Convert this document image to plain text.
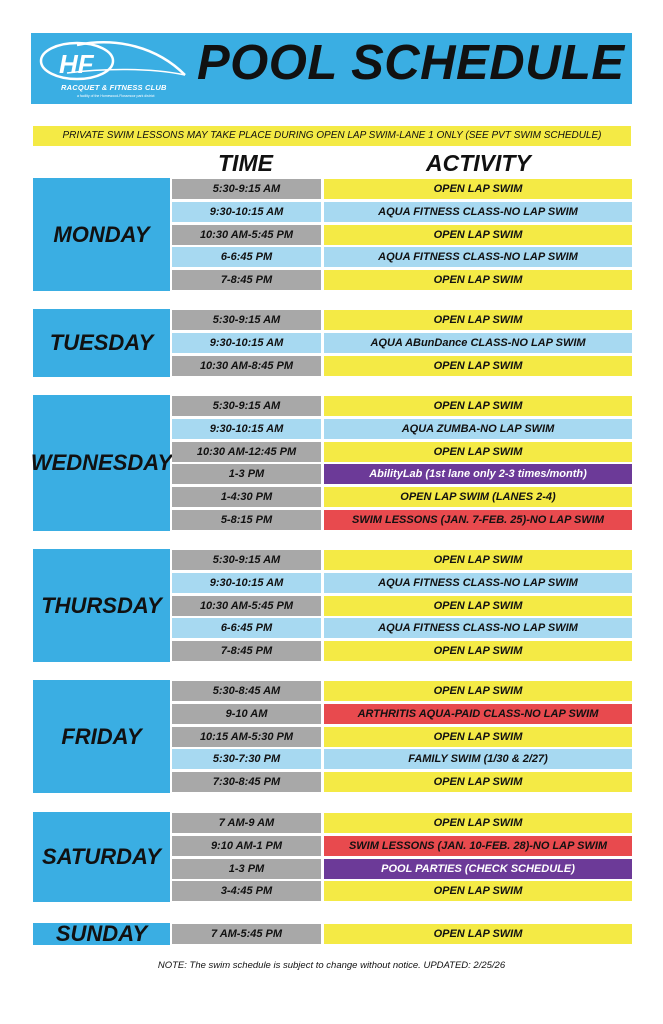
HF
RACQUET & FITNESS CLUB
a facility of the Homewood-Flossmoor park district
POOL SCHEDULE
PRIVATE SWIM LESSONS MAY TAKE PLACE DURING OPEN LAP SWIM-LANE 1 ONLY (SEE PVT SWIM SCHEDULE)
TIME	ACTIVITY
MONDAY
5:30-9:15 AM	OPEN LAP SWIM
9:30-10:15 AM	AQUA FITNESS CLASS-NO LAP SWIM
10:30 AM-5:45 PM	OPEN LAP SWIM
6-6:45 PM	AQUA FITNESS CLASS-NO LAP SWIM
7-8:45 PM	OPEN LAP SWIM
TUESDAY
5:30-9:15 AM	OPEN LAP SWIM
9:30-10:15 AM	AQUA ABunDance CLASS-NO LAP SWIM
10:30 AM-8:45 PM	OPEN LAP SWIM
WEDNESDAY
5:30-9:15 AM	OPEN LAP SWIM
9:30-10:15 AM	AQUA ZUMBA-NO LAP SWIM
10:30 AM-12:45 PM	OPEN LAP SWIM
1-3 PM	AbilityLab (1st lane only 2-3 times/month)
1-4:30 PM	OPEN LAP SWIM (LANES 2-4)
5-8:15 PM	SWIM LESSONS (JAN. 7-FEB. 25)-NO LAP SWIM
THURSDAY
5:30-9:15 AM	OPEN LAP SWIM
9:30-10:15 AM	AQUA FITNESS CLASS-NO LAP SWIM
10:30 AM-5:45 PM	OPEN LAP SWIM
6-6:45 PM	AQUA FITNESS CLASS-NO LAP SWIM
7-8:45 PM	OPEN LAP SWIM
FRIDAY
5:30-8:45 AM	OPEN LAP SWIM
9-10 AM	ARTHRITIS AQUA-PAID CLASS-NO LAP SWIM
10:15 AM-5:30 PM	OPEN LAP SWIM
5:30-7:30 PM	FAMILY SWIM (1/30 & 2/27)
7:30-8:45 PM	OPEN LAP SWIM
SATURDAY
7 AM-9 AM	OPEN LAP SWIM
9:10 AM-1 PM	SWIM LESSONS (JAN. 10-FEB. 28)-NO LAP SWIM
1-3 PM	POOL PARTIES (CHECK SCHEDULE)
3-4:45 PM	OPEN LAP SWIM
SUNDAY	7 AM-5:45 PM	OPEN LAP SWIM
NOTE: The swim schedule is subject to change without notice. UPDATED: 2/25/26
